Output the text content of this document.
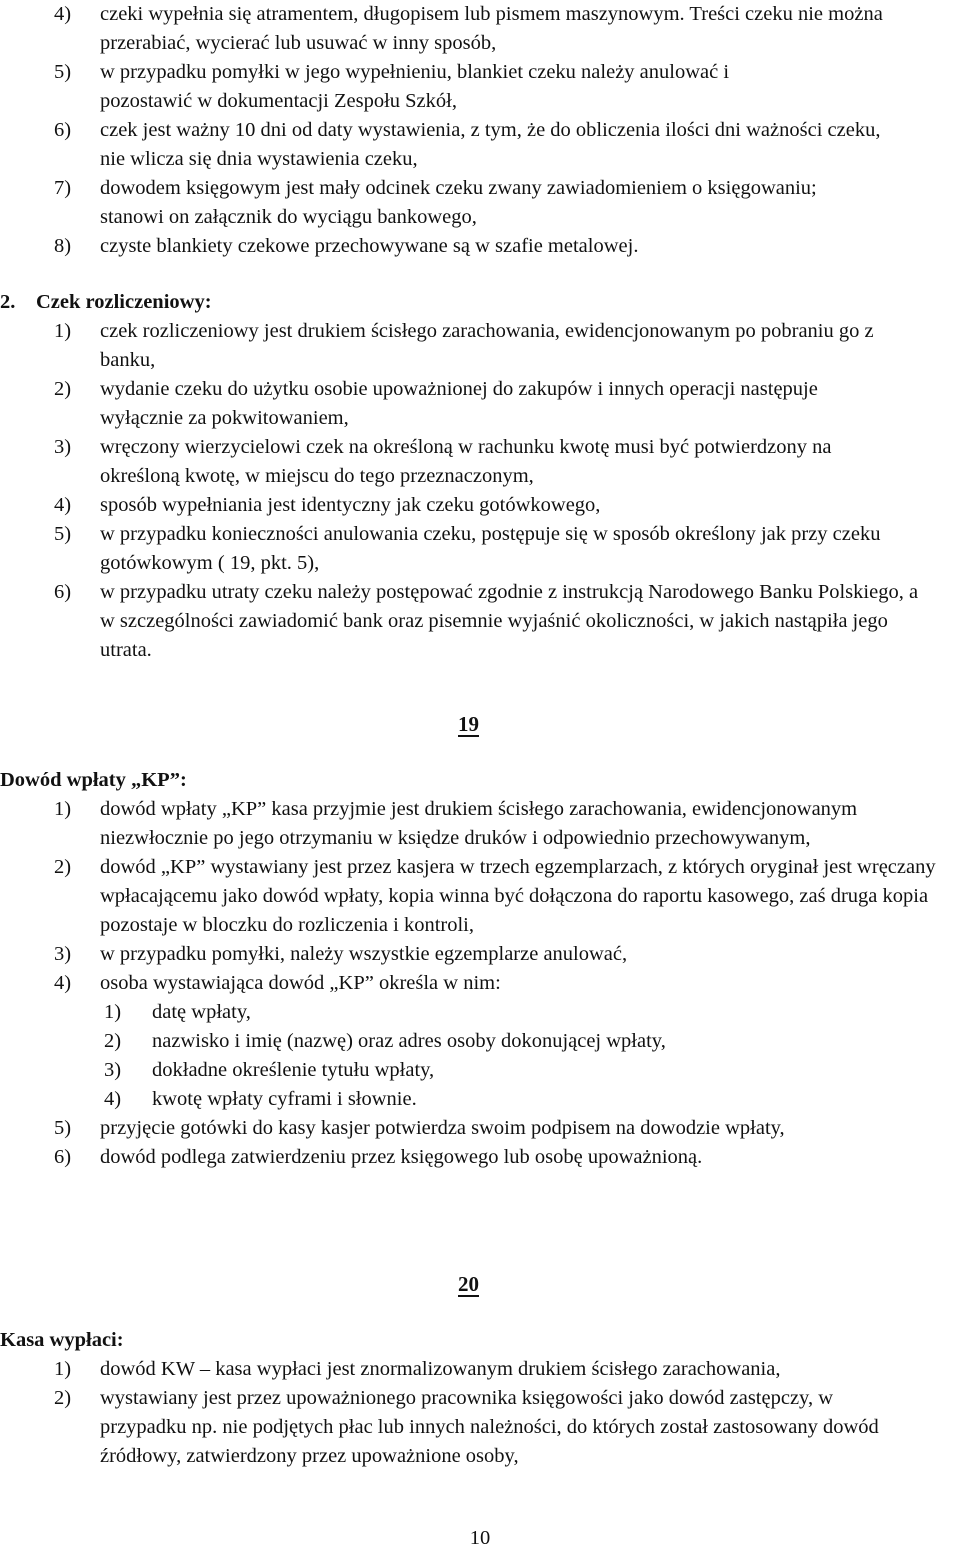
4) czeki wypełnia się atramentem, długopisem lub pismem maszynowym. Treści czeku nie można przerabiać, wycierać lub usuwać w inny sposób,
5) w przypadku pomyłki w jego wypełnieniu, blankiet czeku należy anulować i pozostawić w dokumentacji Zespołu Szkół,
6) czek jest ważny 10 dni od daty wystawienia, z tym, że do obliczenia ilości dni ważności czeku, nie wlicza się dnia wystawienia czeku,
7) dowodem księgowym jest mały odcinek czeku zwany zawiadomieniem o księgowaniu; stanowi on załącznik do wyciągu bankowego,
8) czyste blankiety czekowe przechowywane są w szafie metalowej.
2. Czek rozliczeniowy:
1) czek rozliczeniowy jest drukiem ścisłego zarachowania, ewidencjonowanym po pobraniu go z banku,
2) wydanie czeku do użytku osobie upoważnionej do zakupów i innych operacji następuje wyłącznie za pokwitowaniem,
3) wręczony wierzycielowi czek na określoną w rachunku kwotę musi być potwierdzony na określoną kwotę, w miejscu do tego przeznaczonym,
4) sposób wypełniania jest identyczny jak czeku gotówkowego,
5) w przypadku konieczności anulowania czeku, postępuje się w sposób określony jak przy czeku gotówkowym ( 19, pkt. 5),
6) w przypadku utraty czeku należy postępować zgodnie z instrukcją Narodowego Banku Polskiego, a w szczególności zawiadomić bank oraz pisemnie wyjaśnić okoliczności, w jakich nastąpiła jego utrata.
19
Dowód wpłaty „KP”:
1) dowód wpłaty „KP” kasa przyjmie jest drukiem ścisłego zarachowania, ewidencjonowanym niezwłocznie po jego otrzymaniu w księdze druków i odpowiednio przechowywanym,
2) dowód „KP” wystawiany jest przez kasjera w trzech egzemplarzach, z których oryginał jest wręczany wpłacającemu jako dowód wpłaty, kopia winna być dołączona do raportu kasowego, zaś druga kopia pozostaje w bloczku do rozliczenia i kontroli,
3) w przypadku pomyłki, należy wszystkie egzemplarze anulować,
4) osoba wystawiająca dowód „KP” określa w nim:
1) datę wpłaty,
2) nazwisko i imię (nazwę) oraz adres osoby dokonującej wpłaty,
3) dokładne określenie tytułu wpłaty,
4) kwotę wpłaty cyframi i słownie.
5) przyjęcie gotówki do kasy kasjer potwierdza swoim podpisem na dowodzie wpłaty,
6) dowód podlega zatwierdzeniu przez księgowego lub osobę upoważnioną.
20
Kasa wypłaci:
1) dowód KW – kasa wypłaci jest znormalizowanym drukiem ścisłego zarachowania,
2) wystawiany jest przez upoważnionego pracownika księgowości jako dowód zastępczy, w przypadku np. nie podjętych płac lub innych należności, do których został zastosowany dowód źródłowy, zatwierdzony przez upoważnione osoby,
10
